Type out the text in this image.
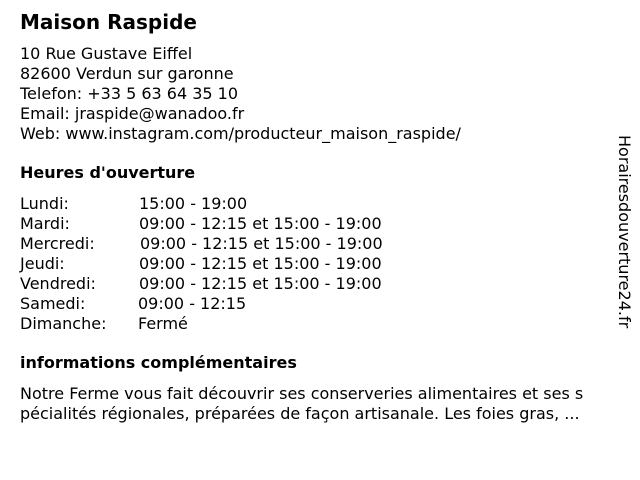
Maison Raspide
10 Rue Gustave Eiffel
82600 Verdun sur garonne
Telefon: +33 5 63 64 35 10
Email: jraspide@wanadoo.fr
Web: www.instagram.com/producteur_maison_raspide/
Heures d'ouverture
Lundi:	15:00 - 19:00
Mardi:	09:00 - 12:15 et 15:00 - 19:00
Mercredi:	09:00 - 12:15 et 15:00 - 19:00
Jeudi:	09:00 - 12:15 et 15:00 - 19:00
Vendredi:	09:00 - 12:15 et 15:00 - 19:00
Samedi:	09:00 - 12:15
Dimanche: Fermé
informations complémentaires
Notre Ferme vous fait découvrir ses conserveries alimentaires et ses s
pécialités régionales, préparées de façon artisanale. Les foies gras, ...
Horairesdouverture24.fr
